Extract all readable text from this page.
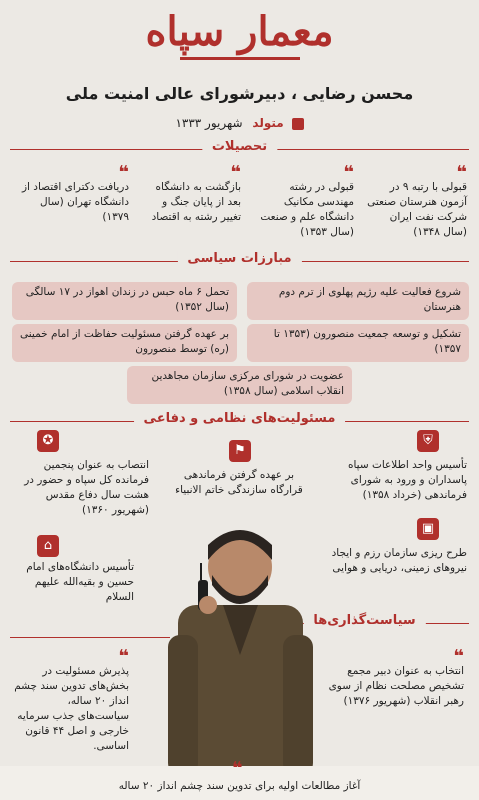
معمار سپاه
محسن رضایی ، دبیرشورای عالی امنیت ملی
متولد شهریور ۱۳۳۳
تحصیلات
❝
قبولی با رتبه ۹ در آزمون هنرستان صنعتی شرکت نفت ایران (سال ۱۳۴۸)
❝
قبولی در رشته مهندسی مکانیک دانشگاه علم و صنعت (سال ۱۳۵۳)
❝
بازگشت به دانشگاه بعد از پایان جنگ و تغییر رشته به اقتصاد
❝
دریافت دکترای اقتصاد از دانشگاه تهران (سال ۱۳۷۹)
مبارزات سیاسی
شروع فعالیت علیه رژیم پهلوی از ترم دوم هنرستان
تحمل ۶ ماه حبس در زندان اهواز در ۱۷ سالگی (سال ۱۳۵۲)
تشکیل و توسعه جمعیت منصورون (۱۳۵۳ تا ۱۳۵۷)
بر عهده گرفتن مسئولیت حفاظت از امام خمینی (ره) توسط منصورون
عضویت در شورای مرکزی سازمان مجاهدین انقلاب اسلامی (سال ۱۳۵۸)
مسئولیت‌های نظامی و دفاعی
⛨
تأسیس واحد اطلاعات سپاه پاسداران و ورود به شورای فرماندهی (خرداد ۱۳۵۸)
⚑
بر عهده گرفتن فرماندهی قرارگاه سازندگی خاتم الانبیاء
✪
انتصاب به عنوان پنجمین فرمانده کل سپاه و حضور در هشت سال دفاع مقدس (شهریور ۱۳۶۰)
▣
طرح ریزی سازمان رزم و ایجاد نیروهای زمینی، دریایی و هوایی
⌂
تأسیس دانشگاه‌های امام حسین و بقیه‌الله علیهم السلام
سیاست‌گذاری‌ها
❝
انتخاب به عنوان دبیر مجمع تشخیص مصلحت نظام از سوی رهبر انقلاب (شهریور ۱۳۷۶)
❝
پذیرش مسئولیت در بخش‌های تدوین سند چشم انداز ۲۰ ساله، سیاست‌های جذب سرمایه خارجی و اصل ۴۴ قانون اساسی.
❝
آغاز مطالعات اولیه برای تدوین سند چشم انداز ۲۰ ساله
